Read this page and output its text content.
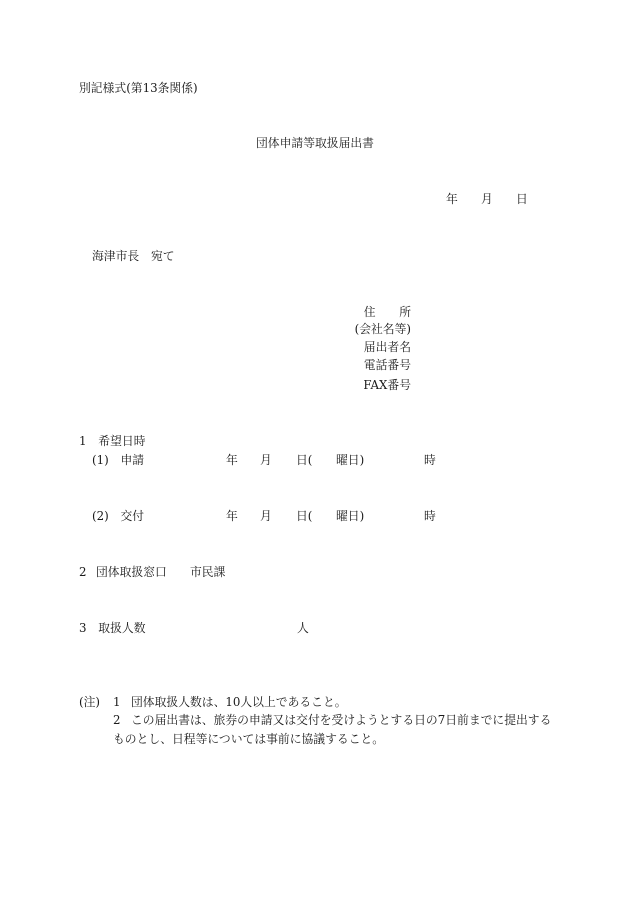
別記様式(第13条関係)
団体申請等取扱届出書
年 月 日
海津市長　宛て
住　　所
(会社名等)
届出者名
電話番号
FAX番号
1　希望日時
(1)　申請	年 月 日( 曜日)	時
(2)　交付	年 月 日( 曜日)	時
2 団体取扱窓口 市民課
3　取扱人数	人
(注) 1 団体取扱人数は、10人以上であること。
2 この届出書は、旅券の申請又は交付を受けようとする日の7日前までに提出する
ものとし、日程等については事前に協議すること。
